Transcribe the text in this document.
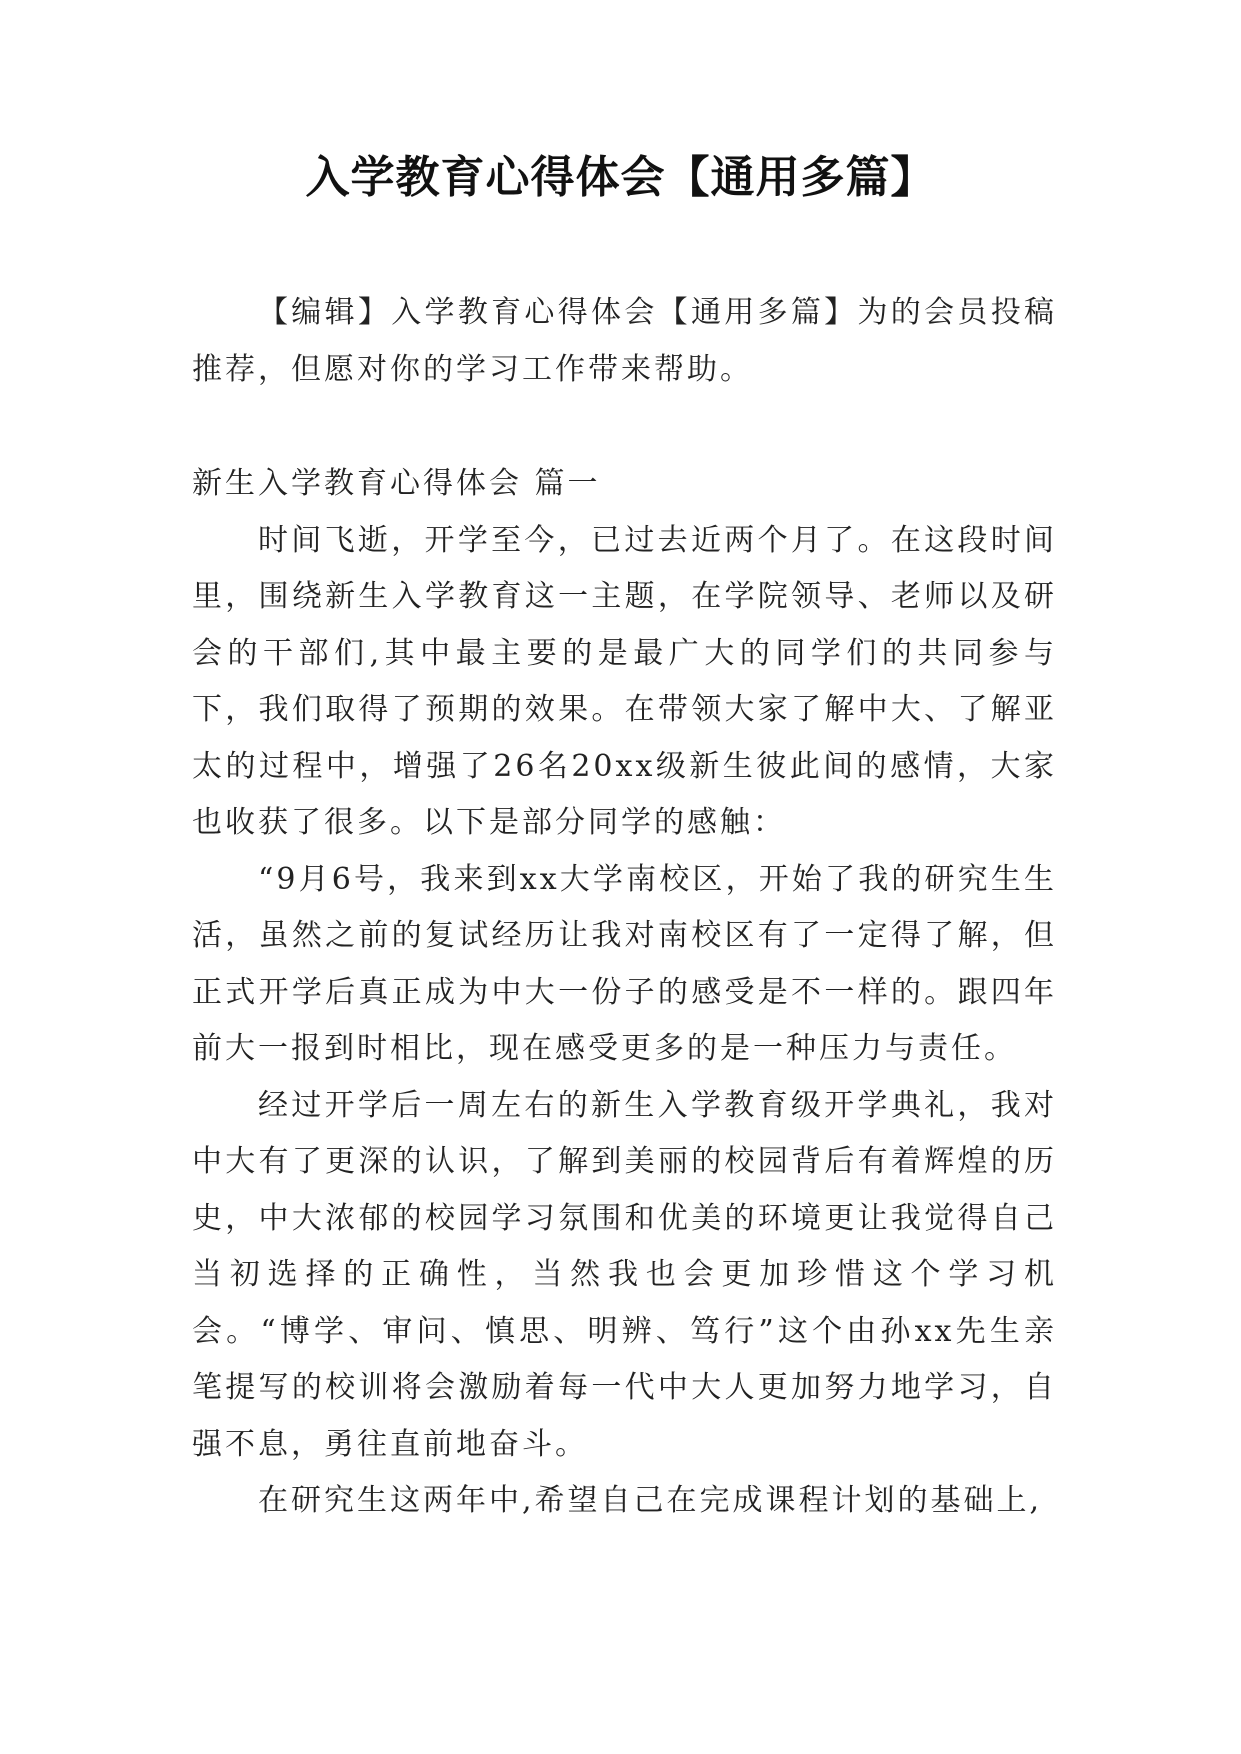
入学教育心得体会【通用多篇】

【编辑】入学教育心得体会【通用多篇】为的会员投稿推荐，但愿对你的学习工作带来帮助。

新生入学教育心得体会 篇一

时间飞逝，开学至今，已过去近两个月了。在这段时间里，围绕新生入学教育这一主题，在学院领导、老师以及研会的干部们,其中最主要的是最广大的同学们的共同参与下，我们取得了预期的效果。在带领大家了解中大、了解亚太的过程中，增强了26名20xx级新生彼此间的感情，大家也收获了很多。以下是部分同学的感触：

“9月6号，我来到xx大学南校区，开始了我的研究生生活，虽然之前的复试经历让我对南校区有了一定得了解，但正式开学后真正成为中大一份子的感受是不一样的。跟四年前大一报到时相比，现在感受更多的是一种压力与责任。

经过开学后一周左右的新生入学教育级开学典礼，我对中大有了更深的认识，了解到美丽的校园背后有着辉煌的历史，中大浓郁的校园学习氛围和优美的环境更让我觉得自己当初选择的正确性，当然我也会更加珍惜这个学习机会。“博学、审问、慎思、明辨、笃行”这个由孙xx先生亲笔提写的校训将会激励着每一代中大人更加努力地学习，自强不息，勇往直前地奋斗。

在研究生这两年中,希望自己在完成课程计划的基础上,
